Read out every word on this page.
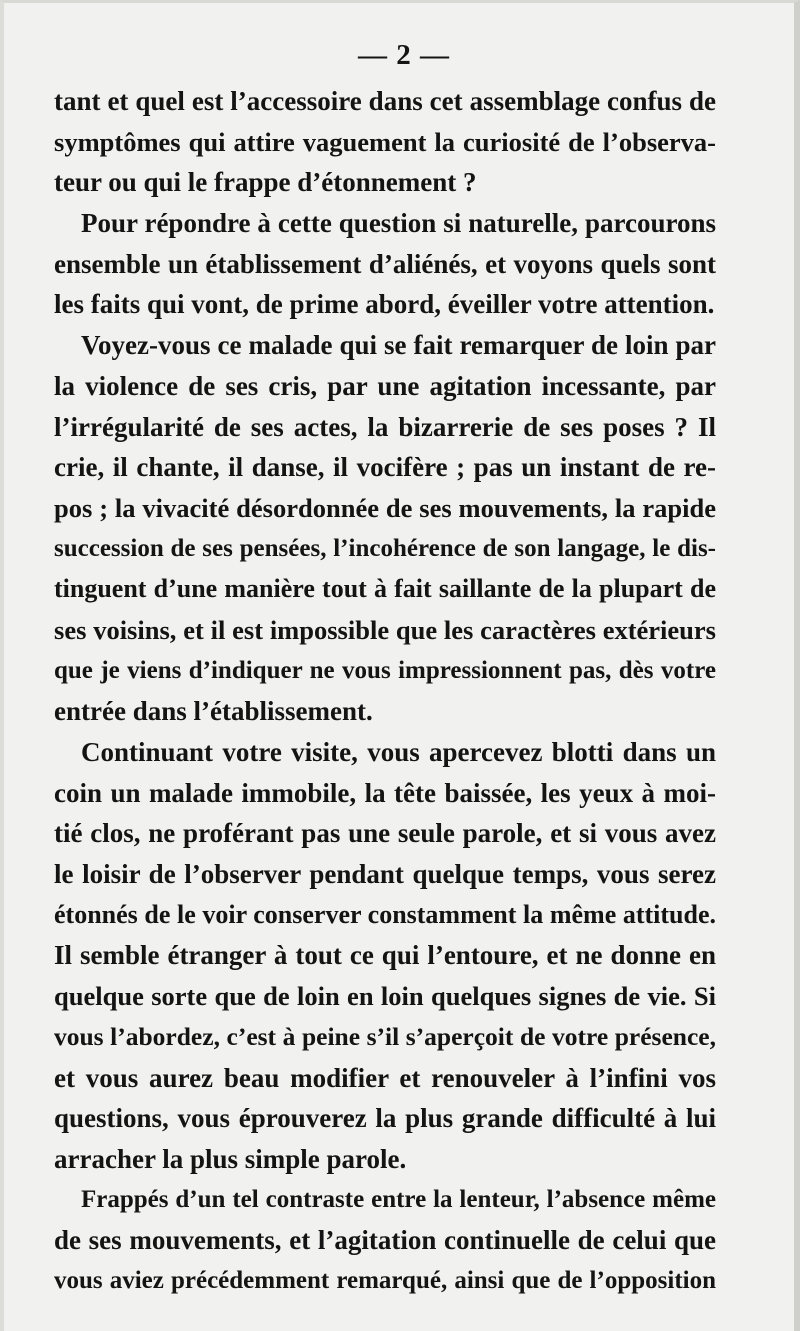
— 2 —
tant et quel est l’accessoire dans cet assemblage confus de
symptômes qui attire vaguement la curiosité de l’observa-
teur ou qui le frappe d’étonnement ?
Pour répondre à cette question si naturelle, parcourons
ensemble un établissement d’aliénés, et voyons quels sont
les faits qui vont, de prime abord, éveiller votre attention.
Voyez-vous ce malade qui se fait remarquer de loin par
la violence de ses cris, par une agitation incessante, par
l’irrégularité de ses actes, la bizarrerie de ses poses ? Il
crie, il chante, il danse, il vocifère ; pas un instant de re-
pos ; la vivacité désordonnée de ses mouvements, la rapide
succession de ses pensées, l’incohérence de son langage, le dis-
tinguent d’une manière tout à fait saillante de la plupart de
ses voisins, et il est impossible que les caractères extérieurs
que je viens d’indiquer ne vous impressionnent pas, dès votre
entrée dans l’établissement.
Continuant votre visite, vous apercevez blotti dans un
coin un malade immobile, la tête baissée, les yeux à moi-
tié clos, ne proférant pas une seule parole, et si vous avez
le loisir de l’observer pendant quelque temps, vous serez
étonnés de le voir conserver constamment la même attitude.
Il semble étranger à tout ce qui l’entoure, et ne donne en
quelque sorte que de loin en loin quelques signes de vie. Si
vous l’abordez, c’est à peine s’il s’aperçoit de votre présence,
et vous aurez beau modifier et renouveler à l’infini vos
questions, vous éprouverez la plus grande difficulté à lui
arracher la plus simple parole.
Frappés d’un tel contraste entre la lenteur, l’absence même
de ses mouvements, et l’agitation continuelle de celui que
vous aviez précédemment remarqué, ainsi que de l’opposition
